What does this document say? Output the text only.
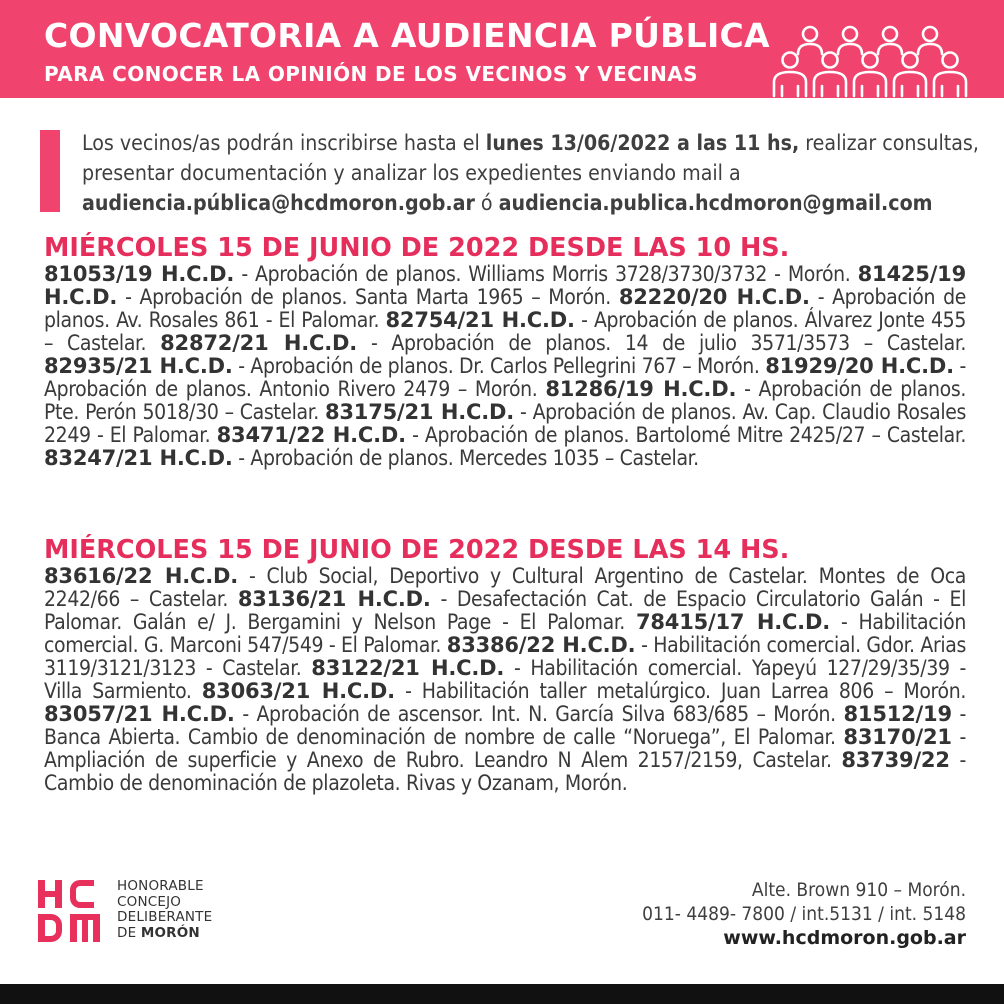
CONVOCATORIA A AUDIENCIA PÚBLICA
PARA CONOCER LA OPINIÓN DE LOS VECINOS Y VECINAS
Los vecinos/as podrán inscribirse hasta el lunes 13/06/2022 a las 11 hs, realizar consultas, presentar documentación y analizar los expedientes enviando mail a audiencia.pública@hcdmoron.gob.ar ó audiencia.publica.hcdmoron@gmail.com
MIÉRCOLES 15 DE JUNIO DE 2022 DESDE LAS 10 HS.
81053/19 H.C.D. - Aprobación de planos. Williams Morris 3728/3730/3732 - Morón. 81425/19 H.C.D. - Aprobación de planos. Santa Marta 1965 – Morón. 82220/20 H.C.D. - Aprobación de planos. Av. Rosales 861 - El Palomar. 82754/21 H.C.D. - Aprobación de planos. Álvarez Jonte 455 – Castelar. 82872/21 H.C.D. - Aprobación de planos. 14 de julio 3571/3573 – Castelar. 82935/21 H.C.D. - Aprobación de planos. Dr. Carlos Pellegrini 767 – Morón. 81929/20 H.C.D. - Aprobación de planos. Antonio Rivero 2479 – Morón. 81286/19 H.C.D. - Aprobación de planos. Pte. Perón 5018/30 – Castelar. 83175/21 H.C.D. - Aprobación de planos. Av. Cap. Claudio Rosales 2249 - El Palomar. 83471/22 H.C.D. - Aprobación de planos. Bartolomé Mitre 2425/27 – Castelar. 83247/21 H.C.D. - Aprobación de planos. Mercedes 1035 – Castelar.
MIÉRCOLES 15 DE JUNIO DE 2022 DESDE LAS 14 HS.
83616/22 H.C.D. - Club Social, Deportivo y Cultural Argentino de Castelar. Montes de Oca 2242/66 – Castelar. 83136/21 H.C.D. - Desafectación Cat. de Espacio Circulatorio Galán - El Palomar. Galán e/ J. Bergamini y Nelson Page - El Palomar. 78415/17 H.C.D. - Habilitación comercial. G. Marconi 547/549 - El Palomar. 83386/22 H.C.D. - Habilitación comercial. Gdor. Arias 3119/3121/3123 - Castelar. 83122/21 H.C.D. - Habilitación comercial. Yapeyú 127/29/35/39 - Villa Sarmiento. 83063/21 H.C.D. - Habilitación taller metalúrgico. Juan Larrea 806 – Morón. 83057/21 H.C.D. - Aprobación de ascensor. Int. N. García Silva 683/685 – Morón. 81512/19 - Banca Abierta. Cambio de denominación de nombre de calle “Noruega”, El Palomar. 83170/21 - Ampliación de superficie y Anexo de Rubro. Leandro N Alem 2157/2159, Castelar. 83739/22 - Cambio de denominación de plazoleta. Rivas y Ozanam, Morón.
HONORABLE
CONCEJO
DELIBERANTE
DE MORÓN
Alte. Brown 910 – Morón.
011- 4489- 7800 / int.5131 / int. 5148
www.hcdmoron.gob.ar
